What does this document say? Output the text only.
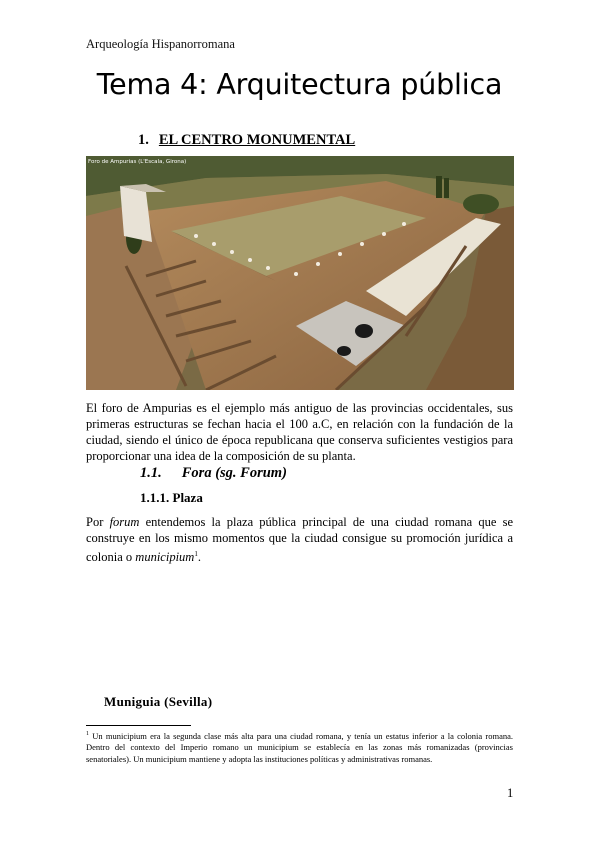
Arqueología Hispanorromana
Tema 4: Arquitectura pública
1. EL CENTRO MONUMENTAL
Foro de Ampurias (L'Escala, Girona)
El foro de Ampurias es el ejemplo más antiguo de las provincias occidentales, sus primeras estructuras se fechan hacia el 100 a.C, en relación con la fundación de la ciudad, siendo el único de época republicana que conserva suficientes vestigios para proporcionar una idea de la composición de su planta.
1.1. Fora (sg. Forum)
1.1.1. Plaza
Por forum entendemos la plaza pública principal de una ciudad romana que se construye en los mismo momentos que la ciudad consigue su promoción jurídica a colonia o municipium$^1$.
Muniguia (Sevilla)
$^1$ Un municipium era la segunda clase más alta para una ciudad romana, y tenía un estatus inferior a la colonia romana. Dentro del contexto del Imperio romano un municipium se establecía en las zonas más romanizadas (provincias senatoriales). Un municipium mantiene y adopta las instituciones políticas y administrativas romanas.
1
